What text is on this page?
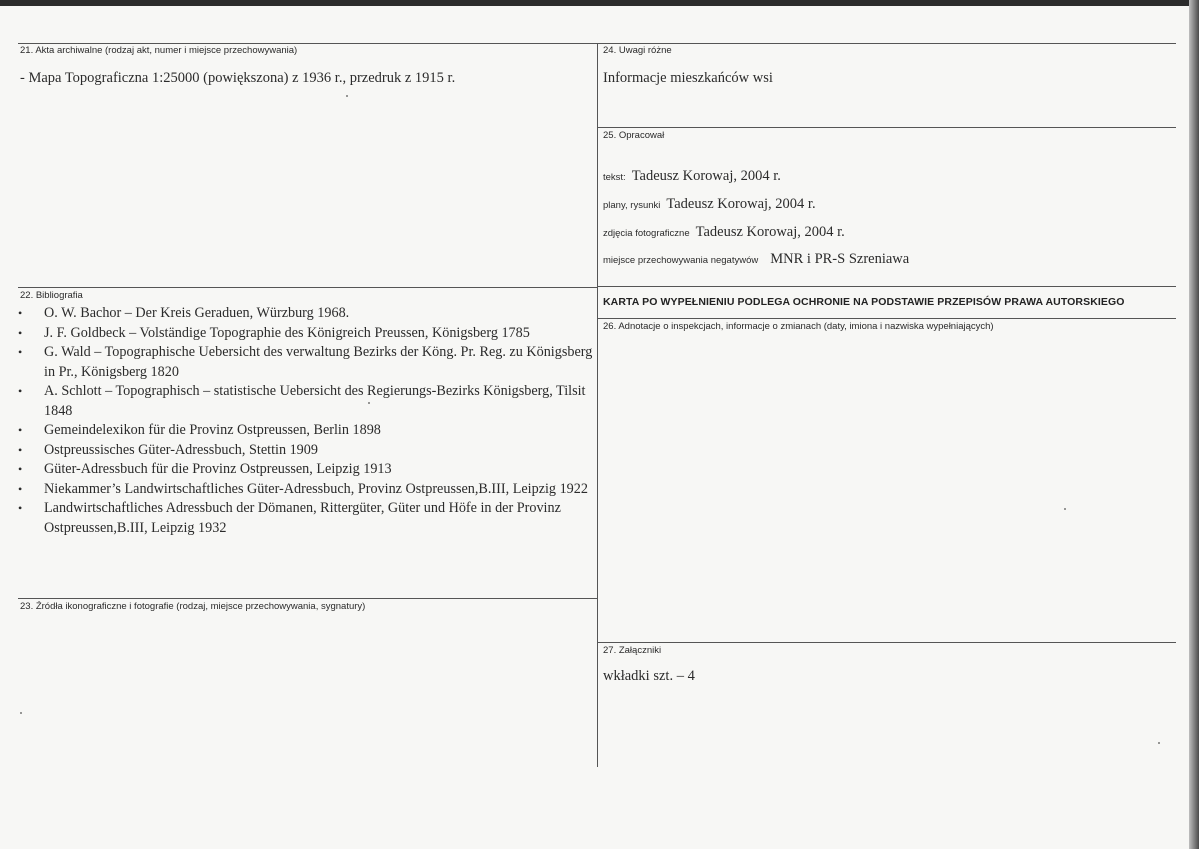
21. Akta archiwalne (rodzaj akt, numer i miejsce przechowywania)
- Mapa Topograficzna 1:25000 (powiększona) z 1936 r., przedruk z 1915 r.
22. Bibliografia
• O. W. Bachor – Der Kreis Geraduen, Würzburg 1968.
• J. F. Goldbeck – Volständige Topographie des Königreich Preussen, Königsberg 1785
• G. Wald – Topographische Uebersicht des verwaltung Bezirks der Köng. Pr. Reg. zu Königsberg in Pr., Königsberg 1820
• A. Schlott – Topographisch – statistische Uebersicht des Regierungs-Bezirks Königsberg, Tilsit 1848
• Gemeindelexikon für die Provinz Ostpreussen, Berlin 1898
• Ostpreussisches Güter-Adressbuch, Stettin 1909
• Güter-Adressbuch für die Provinz Ostpreussen, Leipzig 1913
• Niekammer’s Landwirtschaftliches Güter-Adressbuch, Provinz Ostpreussen,B.III, Leipzig 1922
• Landwirtschaftliches Adressbuch der Dömanen, Rittergüter, Güter und Höfe in der Provinz Ostpreussen,B.III, Leipzig 1932
23. Źródła ikonograficzne i fotografie (rodzaj, miejsce przechowywania, sygnatury)
24. Uwagi różne
Informacje mieszkańców wsi
25. Opracował
tekst: Tadeusz Korowaj, 2004 r.
plany, rysunki Tadeusz Korowaj, 2004 r.
zdjęcia fotograficzne Tadeusz Korowaj, 2004 r.
miejsce przechowywania negatywów MNR i PR-S Szreniawa
KARTA PO WYPEŁNIENIU PODLEGA OCHRONIE NA PODSTAWIE PRZEPISÓW PRAWA AUTORSKIEGO
26. Adnotacje o inspekcjach, informacje o zmianach (daty, imiona i nazwiska wypełniających)
27. Załączniki
wkładki szt. – 4
